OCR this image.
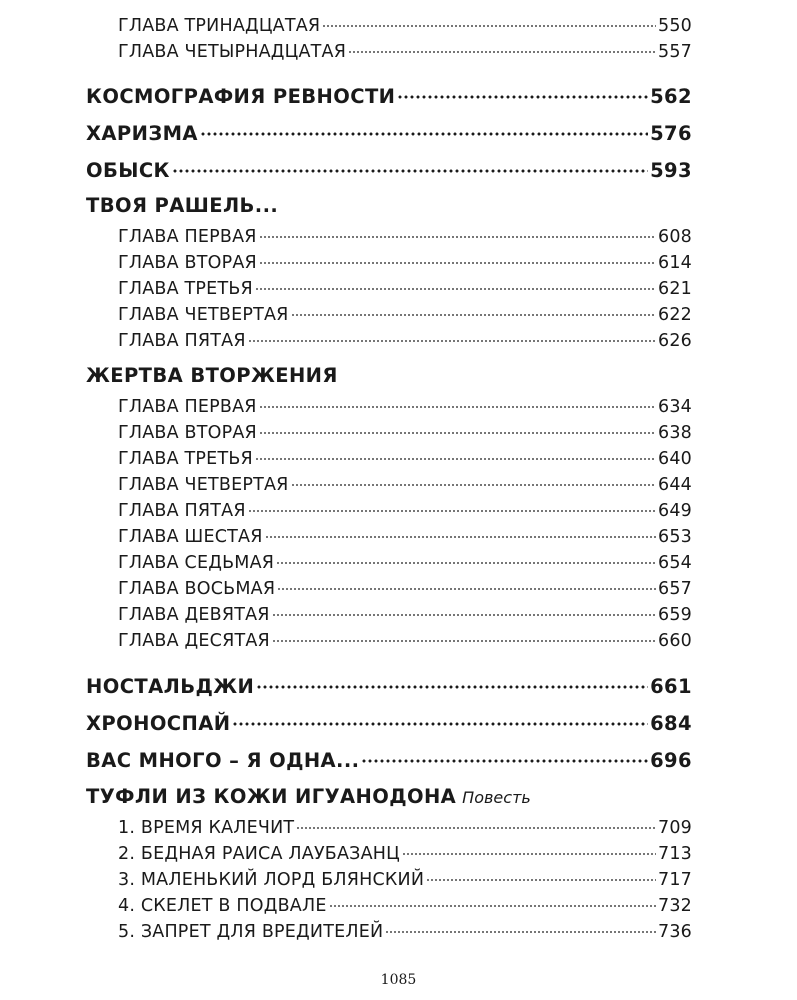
ГЛАВА ТРИНАДЦАТАЯ	550
ГЛАВА ЧЕТЫРНАДЦАТАЯ	557
КОСМОГРАФИЯ РЕВНОСТИ	562
ХАРИЗМА	576
ОБЫСК	593
ТВОЯ РАШЕЛЬ...
ГЛАВА ПЕРВАЯ	608
ГЛАВА ВТОРАЯ	614
ГЛАВА ТРЕТЬЯ	621
ГЛАВА ЧЕТВЕРТАЯ	622
ГЛАВА ПЯТАЯ	626
ЖЕРТВА ВТОРЖЕНИЯ
ГЛАВА ПЕРВАЯ	634
ГЛАВА ВТОРАЯ	638
ГЛАВА ТРЕТЬЯ	640
ГЛАВА ЧЕТВЕРТАЯ	644
ГЛАВА ПЯТАЯ	649
ГЛАВА ШЕСТАЯ	653
ГЛАВА СЕДЬМАЯ	654
ГЛАВА ВОСЬМАЯ	657
ГЛАВА ДЕВЯТАЯ	659
ГЛАВА ДЕСЯТАЯ	660
НОСТАЛЬДЖИ	661
ХРОНОСПАЙ	684
ВАС МНОГО – Я ОДНА...	696
ТУФЛИ ИЗ КОЖИ ИГУАНОДОНА Повесть
1. ВРЕМЯ КАЛЕЧИТ	709
2. БЕДНАЯ РАИСА ЛАУБАЗАНЦ	713
3. МАЛЕНЬКИЙ ЛОРД БЛЯНСКИЙ	717
4. СКЕЛЕТ В ПОДВАЛЕ	732
5. ЗАПРЕТ ДЛЯ ВРЕДИТЕЛЕЙ	736
1085
